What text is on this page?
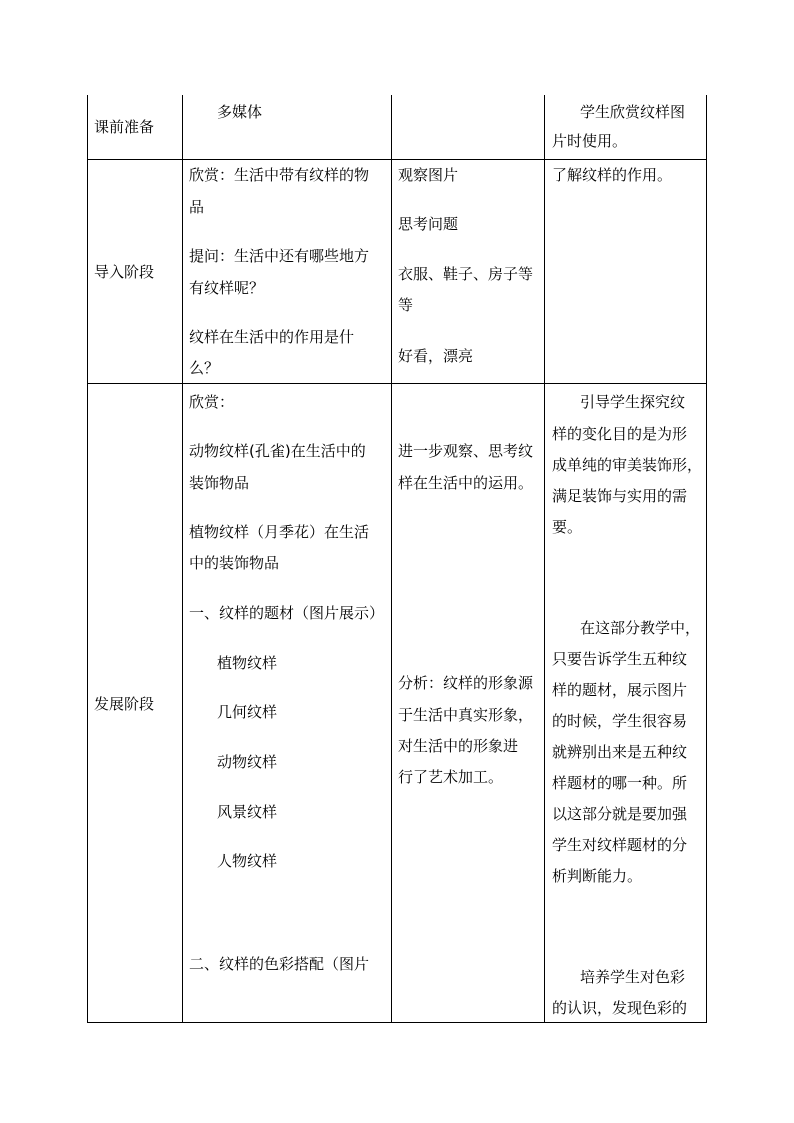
课前准备
多媒体	学生欣赏纹样图
片时使用。
导入阶段
欣赏：生活中带有纹样的物
品
提问：生活中还有哪些地方
有纹样呢？
纹样在生活中的作用是什
么？
观察图片
思考问题
衣服、鞋子、房子等
等
好看，漂亮
了解纹样的作用。
发展阶段
欣赏：
动物纹样(孔雀)在生活中的
装饰物品
植物纹样（月季花）在生活
中的装饰物品
一、纹样的题材（图片展示）
植物纹样
几何纹样
动物纹样
风景纹样
人物纹样
二、纹样的色彩搭配（图片
进一步观察、思考纹
样在生活中的运用。
分析：纹样的形象源
于生活中真实形象，
对生活中的形象进
行了艺术加工。
引导学生探究纹
样的变化目的是为形
成单纯的审美装饰形，
满足装饰与实用的需
要。
在这部分教学中，
只要告诉学生五种纹
样的题材，展示图片
的时候，学生很容易
就辨别出来是五种纹
样题材的哪一种。所
以这部分就是要加强
学生对纹样题材的分
析判断能力。
培养学生对色彩
的认识，发现色彩的
